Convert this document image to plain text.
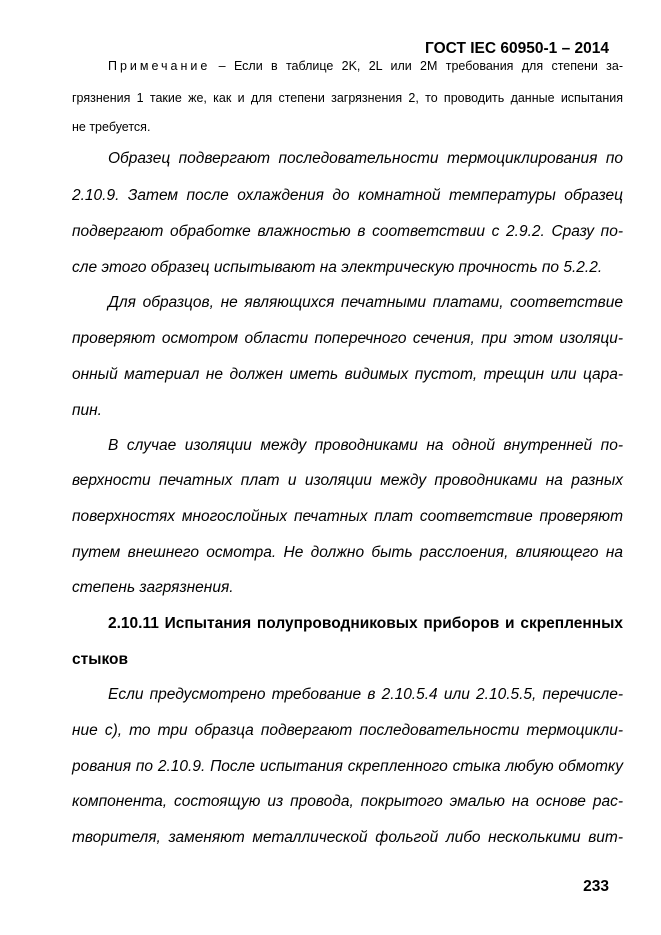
ГОСТ IEC 60950-1 – 2014

Примечание – Если в таблице 2K, 2L или 2M требования для степени за-

грязнения 1 такие же, как и для степени загрязнения 2, то проводить данные испытания

не требуется.

Образец подвергают последовательности термоциклирования по

2.10.9. Затем после охлаждения до комнатной температуры образец

подвергают обработке влажностью в соответствии с 2.9.2. Сразу по-

сле этого образец испытывают на электрическую прочность по 5.2.2.

Для образцов, не являющихся печатными платами, соответствие

проверяют осмотром области поперечного сечения, при этом изоляци-

онный материал не должен иметь видимых пустот, трещин или цара-

пин.

В случае изоляции между проводниками на одной внутренней по-

верхности печатных плат и изоляции между проводниками на разных

поверхностях многослойных печатных плат соответствие проверяют

путем внешнего осмотра. Не должно быть расслоения, влияющего на

степень загрязнения.

2.10.11 Испытания полупроводниковых приборов и скрепленных

стыков

Если предусмотрено требование в 2.10.5.4 или 2.10.5.5, перечисле-

ние с), то три образца подвергают последовательности термоцикли-

рования по 2.10.9. После испытания скрепленного стыка любую обмотку

компонента, состоящую из провода, покрытого эмалью на основе рас-

творителя, заменяют металлической фольгой либо несколькими вит-

233
